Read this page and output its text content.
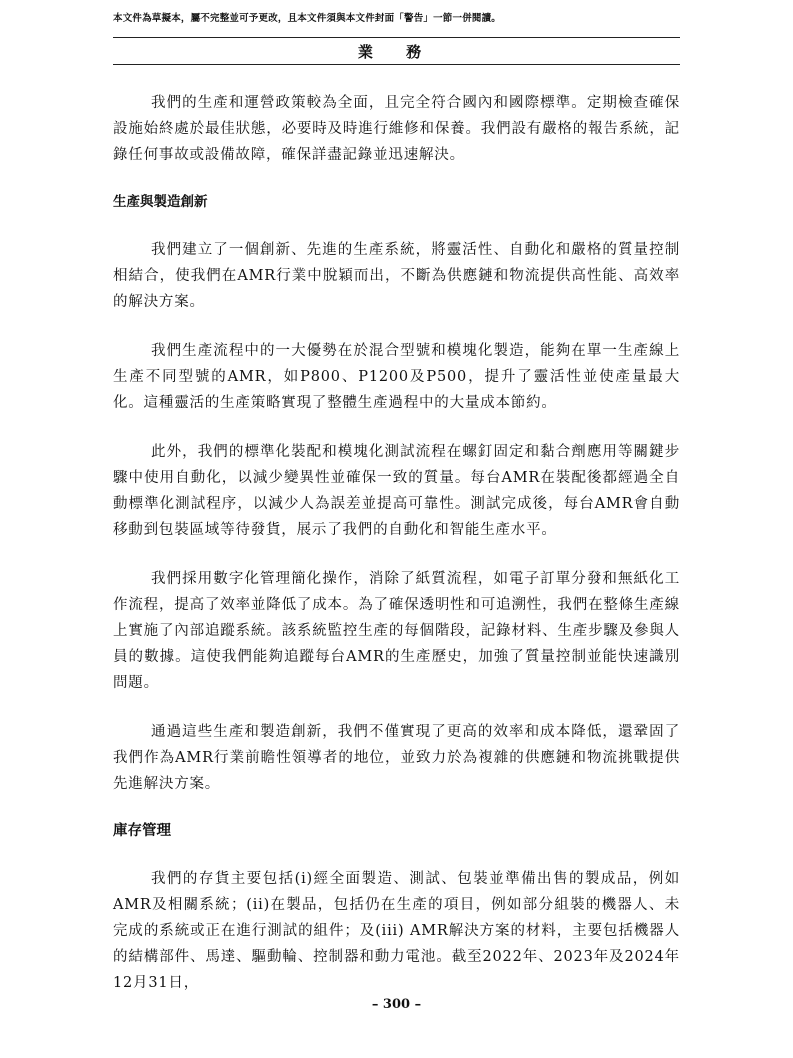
本文件為草擬本，屬不完整並可予更改，且本文件須與本文件封面「警告」一節一併閱讀。
業 務

我們的生產和運營政策較為全面，且完全符合國內和國際標準。定期檢查確保設施始終處於最佳狀態，必要時及時進行維修和保養。我們設有嚴格的報告系統，記錄任何事故或設備故障，確保詳盡記錄並迅速解決。

生產與製造創新

我們建立了一個創新、先進的生產系統，將靈活性、自動化和嚴格的質量控制相結合，使我們在AMR行業中脫穎而出，不斷為供應鏈和物流提供高性能、高效率的解決方案。

我們生產流程中的一大優勢在於混合型號和模塊化製造，能夠在單一生產線上生產不同型號的AMR，如P800、P1200及P500，提升了靈活性並使產量最大化。這種靈活的生產策略實現了整體生產過程中的大量成本節約。

此外，我們的標準化裝配和模塊化測試流程在螺釘固定和黏合劑應用等關鍵步驟中使用自動化，以減少變異性並確保一致的質量。每台AMR在裝配後都經過全自動標準化測試程序，以減少人為誤差並提高可靠性。測試完成後，每台AMR會自動移動到包裝區域等待發貨，展示了我們的自動化和智能生產水平。

我們採用數字化管理簡化操作，消除了紙質流程，如電子訂單分發和無紙化工作流程，提高了效率並降低了成本。為了確保透明性和可追溯性，我們在整條生產線上實施了內部追蹤系統。該系統監控生產的每個階段，記錄材料、生產步驟及參與人員的數據。這使我們能夠追蹤每台AMR的生產歷史，加強了質量控制並能快速識別問題。

通過這些生產和製造創新，我們不僅實現了更高的效率和成本降低，還鞏固了我們作為AMR行業前瞻性領導者的地位，並致力於為複雜的供應鏈和物流挑戰提供先進解決方案。

庫存管理

我們的存貨主要包括(i)經全面製造、測試、包裝並準備出售的製成品，例如AMR及相關系統；(ii)在製品，包括仍在生產的項目，例如部分組裝的機器人、未完成的系統或正在進行測試的組件；及(iii) AMR解決方案的材料，主要包括機器人的結構部件、馬達、驅動輪、控制器和動力電池。截至2022年、2023年及2024年12月31日，

– 300 –
